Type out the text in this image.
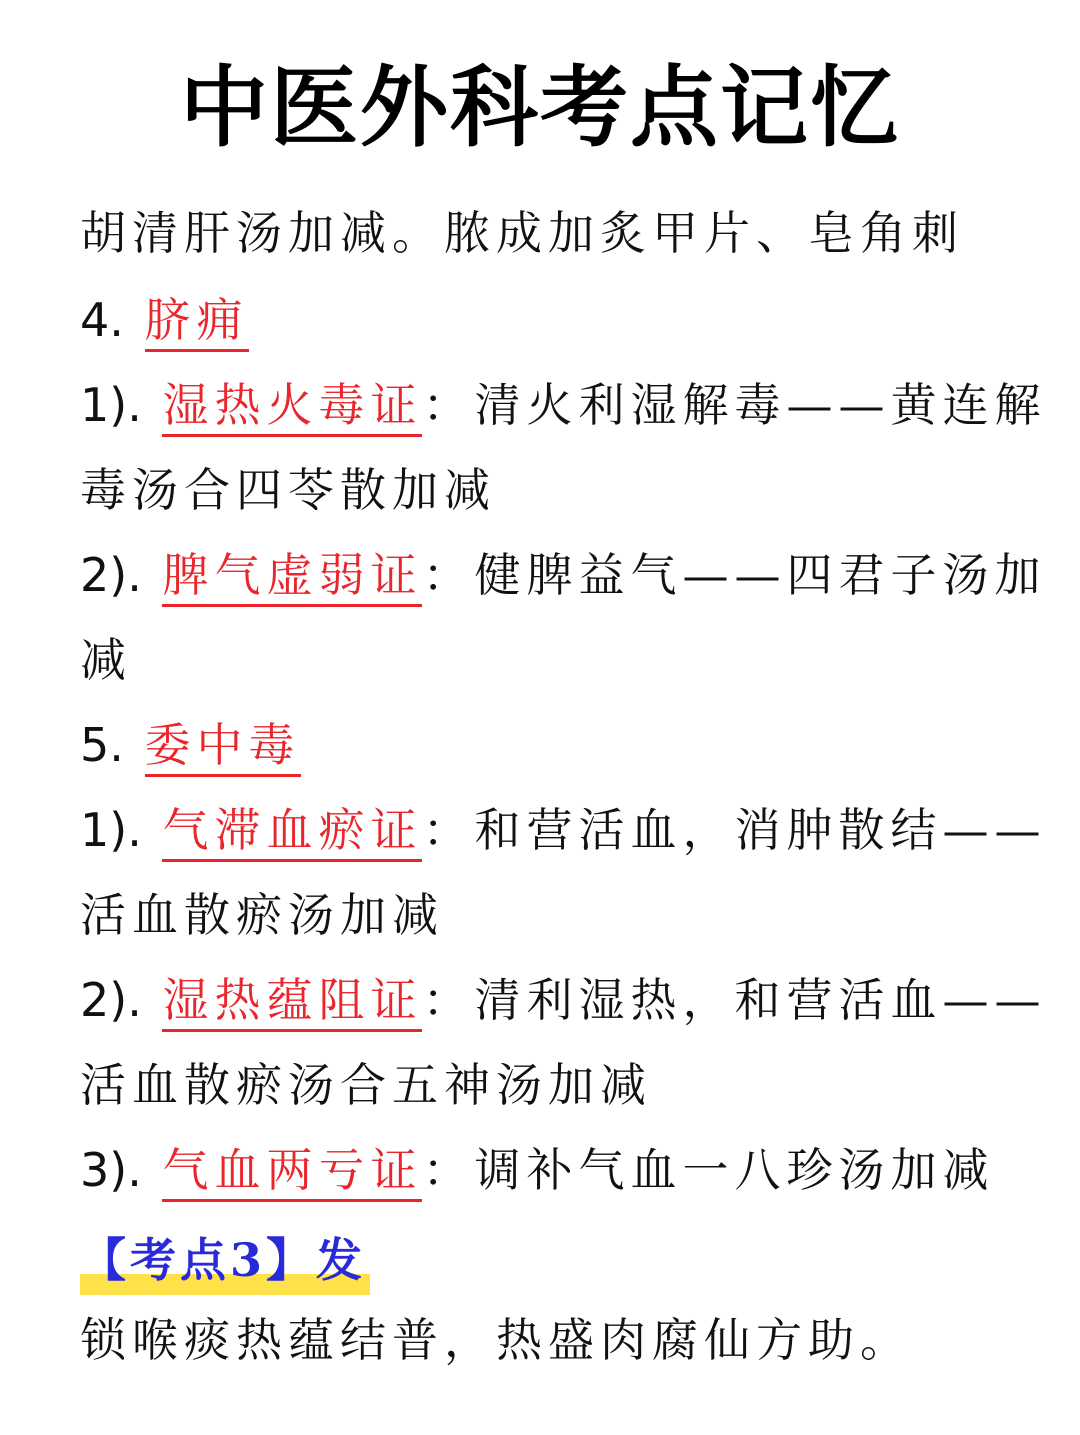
中医外科考点记忆
胡清肝汤加减。脓成加炙甲片、皂角刺
4. 脐痈
1). 湿热火毒证：清火利湿解毒——黄连解
毒汤合四苓散加减
2). 脾气虚弱证：健脾益气——四君子汤加
减
5. 委中毒
1). 气滞血瘀证：和营活血，消肿散结——
活血散瘀汤加减
2). 湿热蕴阻证：清利湿热，和营活血——
活血散瘀汤合五神汤加减
3). 气血两亏证：调补气血一八珍汤加减
【考点3】发
锁喉痰热蕴结普，热盛肉腐仙方助。
